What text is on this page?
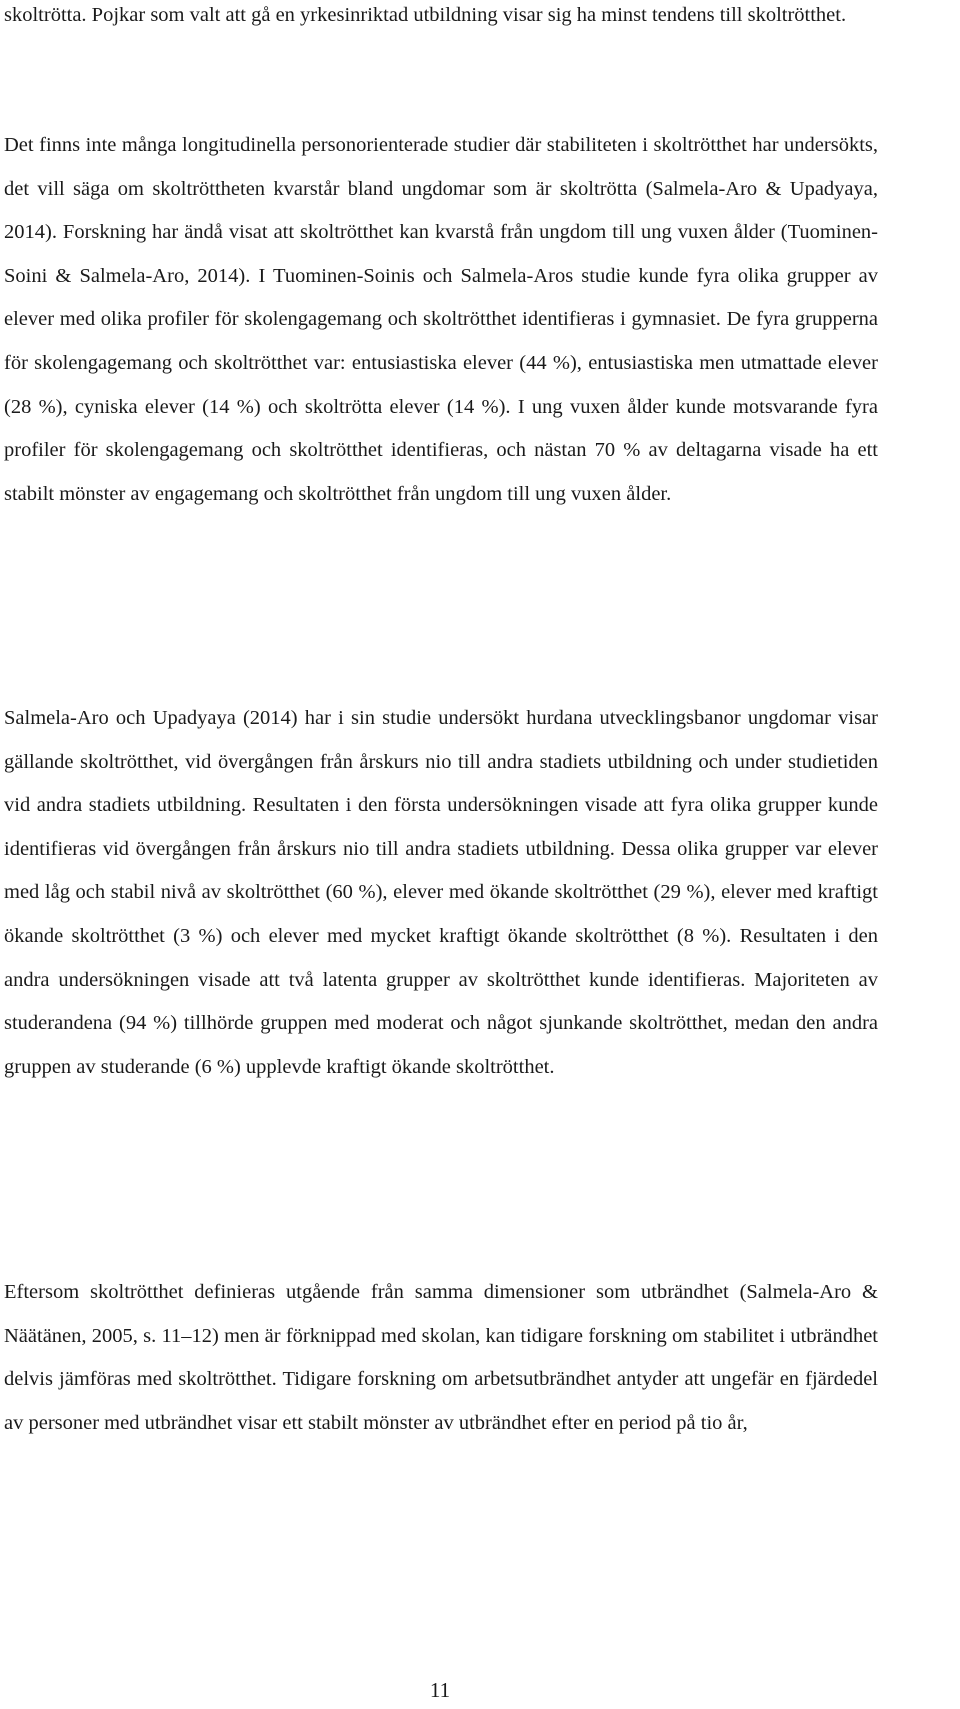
skoltrötta. Pojkar som valt att gå en yrkesinriktad utbildning visar sig ha minst tendens till skoltrötthet.

Det finns inte många longitudinella personorienterade studier där stabiliteten i skoltrötthet har undersökts, det vill säga om skoltröttheten kvarstår bland ungdomar som är skoltrötta (Salmela-Aro & Upadyaya, 2014). Forskning har ändå visat att skoltrötthet kan kvarstå från ungdom till ung vuxen ålder (Tuominen-Soini & Salmela-Aro, 2014). I Tuominen-Soinis och Salmela-Aros studie kunde fyra olika grupper av elever med olika profiler för skolengagemang och skoltrötthet identifieras i gymnasiet. De fyra grupperna för skolengagemang och skoltrötthet var: entusiastiska elever (44 %), entusiastiska men utmattade elever (28 %), cyniska elever (14 %) och skoltrötta elever (14 %). I ung vuxen ålder kunde motsvarande fyra profiler för skolengagemang och skoltrötthet identifieras, och nästan 70 % av deltagarna visade ha ett stabilt mönster av engagemang och skoltrötthet från ungdom till ung vuxen ålder.

Salmela-Aro och Upadyaya (2014) har i sin studie undersökt hurdana utvecklingsbanor ungdomar visar gällande skoltrötthet, vid övergången från årskurs nio till andra stadiets utbildning och under studietiden vid andra stadiets utbildning. Resultaten i den första undersökningen visade att fyra olika grupper kunde identifieras vid övergången från årskurs nio till andra stadiets utbildning. Dessa olika grupper var elever med låg och stabil nivå av skoltrötthet (60 %), elever med ökande skoltrötthet (29 %), elever med kraftigt ökande skoltrötthet (3 %) och elever med mycket kraftigt ökande skoltrötthet (8 %). Resultaten i den andra undersökningen visade att två latenta grupper av skoltrötthet kunde identifieras. Majoriteten av studerandena (94 %) tillhörde gruppen med moderat och något sjunkande skoltrötthet, medan den andra gruppen av studerande (6 %) upplevde kraftigt ökande skoltrötthet.

Eftersom skoltrötthet definieras utgående från samma dimensioner som utbrändhet (Salmela-Aro & Näätänen, 2005, s. 11–12) men är förknippad med skolan, kan tidigare forskning om stabilitet i utbrändhet delvis jämföras med skoltrötthet. Tidigare forskning om arbetsutbrändhet antyder att ungefär en fjärdedel av personer med utbrändhet visar ett stabilt mönster av utbrändhet efter en period på tio år,

11
